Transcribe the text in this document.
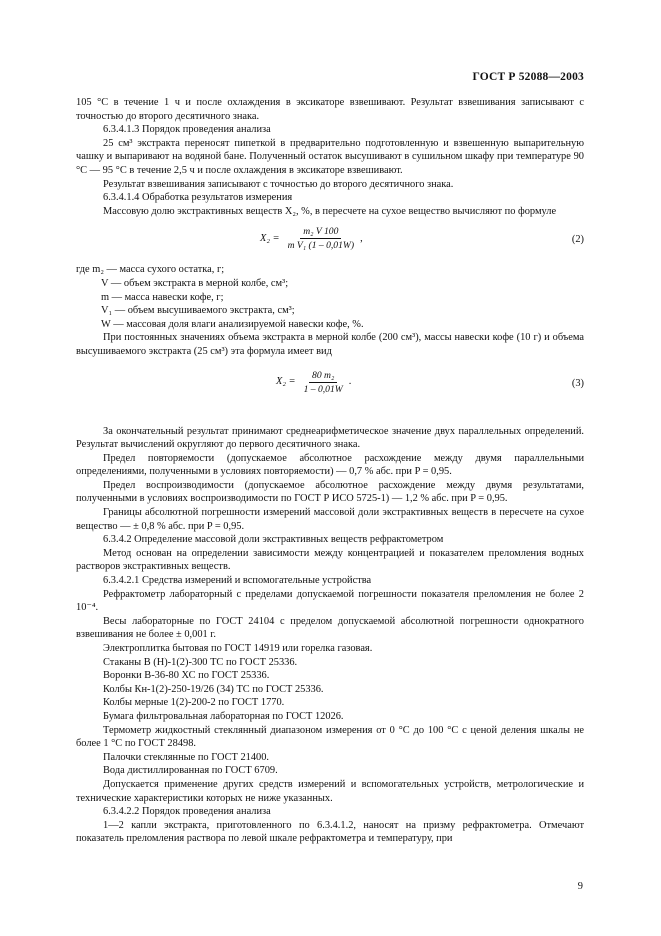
ГОСТ Р 52088—2003

105 °С в течение 1 ч и после охлаждения в эксикаторе взвешивают. Результат взвешивания записывают с точностью до второго десятичного знака.

6.3.4.1.3 Порядок проведения анализа

25 см³ экстракта переносят пипеткой в предварительно подготовленную и взвешенную выпарительную чашку и выпаривают на водяной бане. Полученный остаток высушивают в сушильном шкафу при температуре 90 °С — 95 °С в течение 2,5 ч и после охлаждения в эксикаторе взвешивают.

Результат взвешивания записывают с точностью до второго десятичного знака.

6.3.4.1.4 Обработка результатов измерения

Массовую долю экстрактивных веществ X₂, %, в пересчете на сухое вещество вычисляют по формуле

$X_2 = \frac{\text{m₂ V 100}}{\text{m V₁ (1 – 0,01W)}}$ ,	(2)

где m₂ — масса сухого остатка, г;

V — объем экстракта в мерной колбе, см³;

m — масса навески кофе, г;

V₁ — объем высушиваемого экстракта, см³;

W — массовая доля влаги анализируемой навески кофе, %.

При постоянных значениях объема экстракта в мерной колбе (200 см³), массы навески кофе (10 г) и объема высушиваемого экстракта (25 см³) эта формула имеет вид

$X_2 = \frac{\text{80 m₂}}{1 - 0,01W}$ .	(3)

За окончательный результат принимают среднеарифметическое значение двух параллельных определений. Результат вычислений округляют до первого десятичного знака.

Предел повторяемости (допускаемое абсолютное расхождение между двумя параллельными определениями, полученными в условиях повторяемости) — 0,7 % абс. при P = 0,95.

Предел воспроизводимости (допускаемое абсолютное расхождение между двумя результатами, полученными в условиях воспроизводимости по ГОСТ Р ИСО 5725-1) — 1,2 % абс. при P = 0,95.

Границы абсолютной погрешности измерений массовой доли экстрактивных веществ в пересчете на сухое вещество — ± 0,8 % абс. при P = 0,95.

6.3.4.2 Определение массовой доли экстрактивных веществ рефрактометром

Метод основан на определении зависимости между концентрацией и показателем преломления водных растворов экстрактивных веществ.

6.3.4.2.1 Средства измерений и вспомогательные устройства

Рефрактометр лабораторный с пределами допускаемой погрешности показателя преломления не более 2 10⁻⁴.

Весы лабораторные по ГОСТ 24104 с пределом допускаемой абсолютной погрешности однократного взвешивания не более ± 0,001 г.

Электроплитка бытовая по ГОСТ 14919 или горелка газовая.

Стаканы В (Н)-1(2)-300 ТС по ГОСТ 25336.

Воронки В-36-80 ХС по ГОСТ 25336.

Колбы Кн-1(2)-250-19/26 (34) ТС по ГОСТ 25336.

Колбы мерные 1(2)-200-2 по ГОСТ 1770.

Бумага фильтровальная лабораторная по ГОСТ 12026.

Термометр жидкостный стеклянный диапазоном измерения от 0 °С до 100 °С с ценой деления шкалы не более 1 °С по ГОСТ 28498.

Палочки стеклянные по ГОСТ 21400.

Вода дистиллированная по ГОСТ 6709.

Допускается применение других средств измерений и вспомогательных устройств, метрологические и технические характеристики которых не ниже указанных.

6.3.4.2.2 Порядок проведения анализа

1—2 капли экстракта, приготовленного по 6.3.4.1.2, наносят на призму рефрактометра. Отмечают показатель преломления раствора по левой шкале рефрактометра и температуру, при

9
